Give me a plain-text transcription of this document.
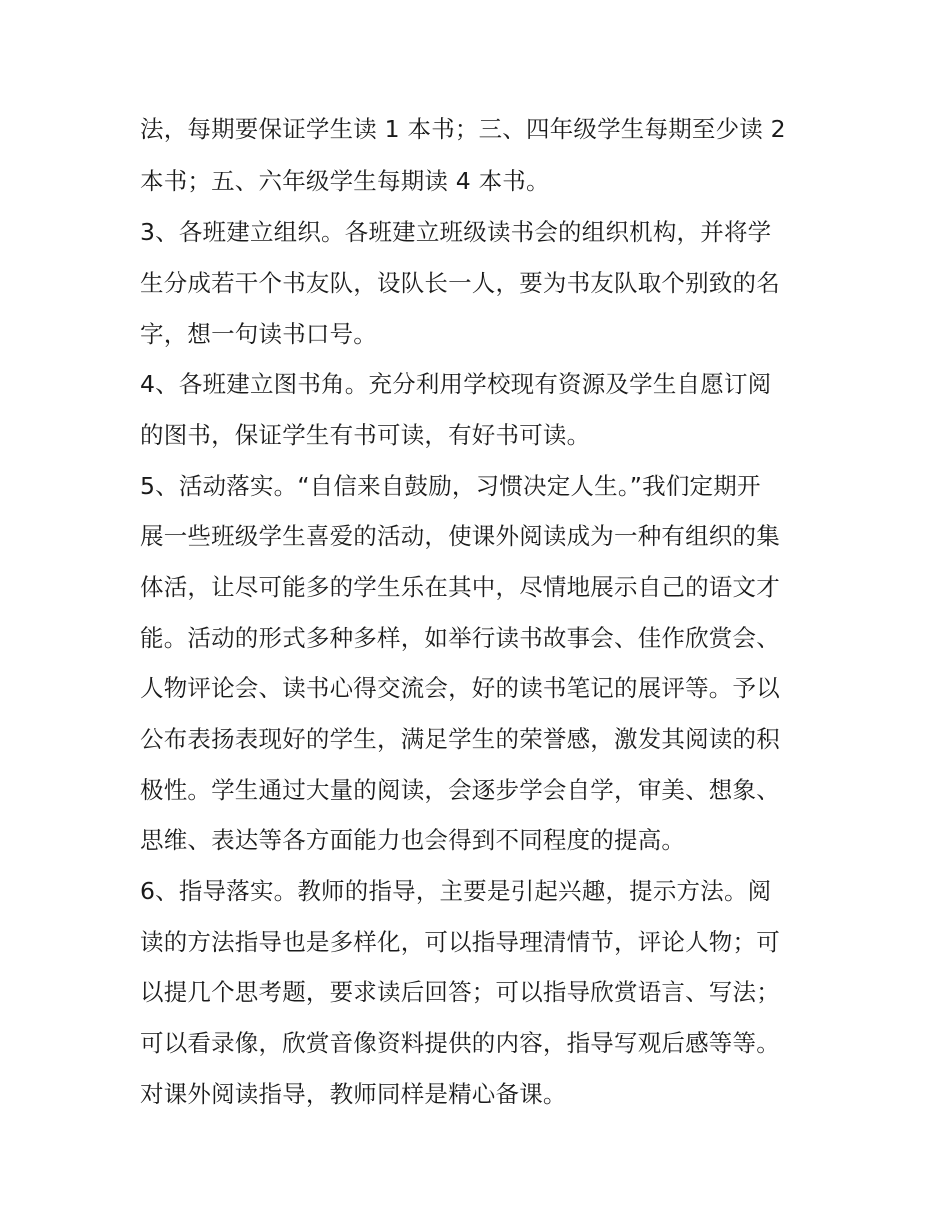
法，每期要保证学生读 1 本书；三、四年级学生每期至少读 2
本书；五、六年级学生每期读 4 本书。
3、各班建立组织。各班建立班级读书会的组织机构，并将学
生分成若干个书友队，设队长一人，要为书友队取个别致的名
字，想一句读书口号。
4、各班建立图书角。充分利用学校现有资源及学生自愿订阅
的图书，保证学生有书可读，有好书可读。
5、活动落实。“自信来自鼓励，习惯决定人生。”我们定期开
展一些班级学生喜爱的活动，使课外阅读成为一种有组织的集
体活，让尽可能多的学生乐在其中，尽情地展示自己的语文才
能。活动的形式多种多样，如举行读书故事会、佳作欣赏会、
人物评论会、读书心得交流会，好的读书笔记的展评等。予以
公布表扬表现好的学生，满足学生的荣誉感，激发其阅读的积
极性。学生通过大量的阅读，会逐步学会自学，审美、想象、
思维、表达等各方面能力也会得到不同程度的提高。
6、指导落实。教师的指导，主要是引起兴趣，提示方法。阅
读的方法指导也是多样化，可以指导理清情节，评论人物；可
以提几个思考题，要求读后回答；可以指导欣赏语言、写法；
可以看录像，欣赏音像资料提供的内容，指导写观后感等等。
对课外阅读指导，教师同样是精心备课。
